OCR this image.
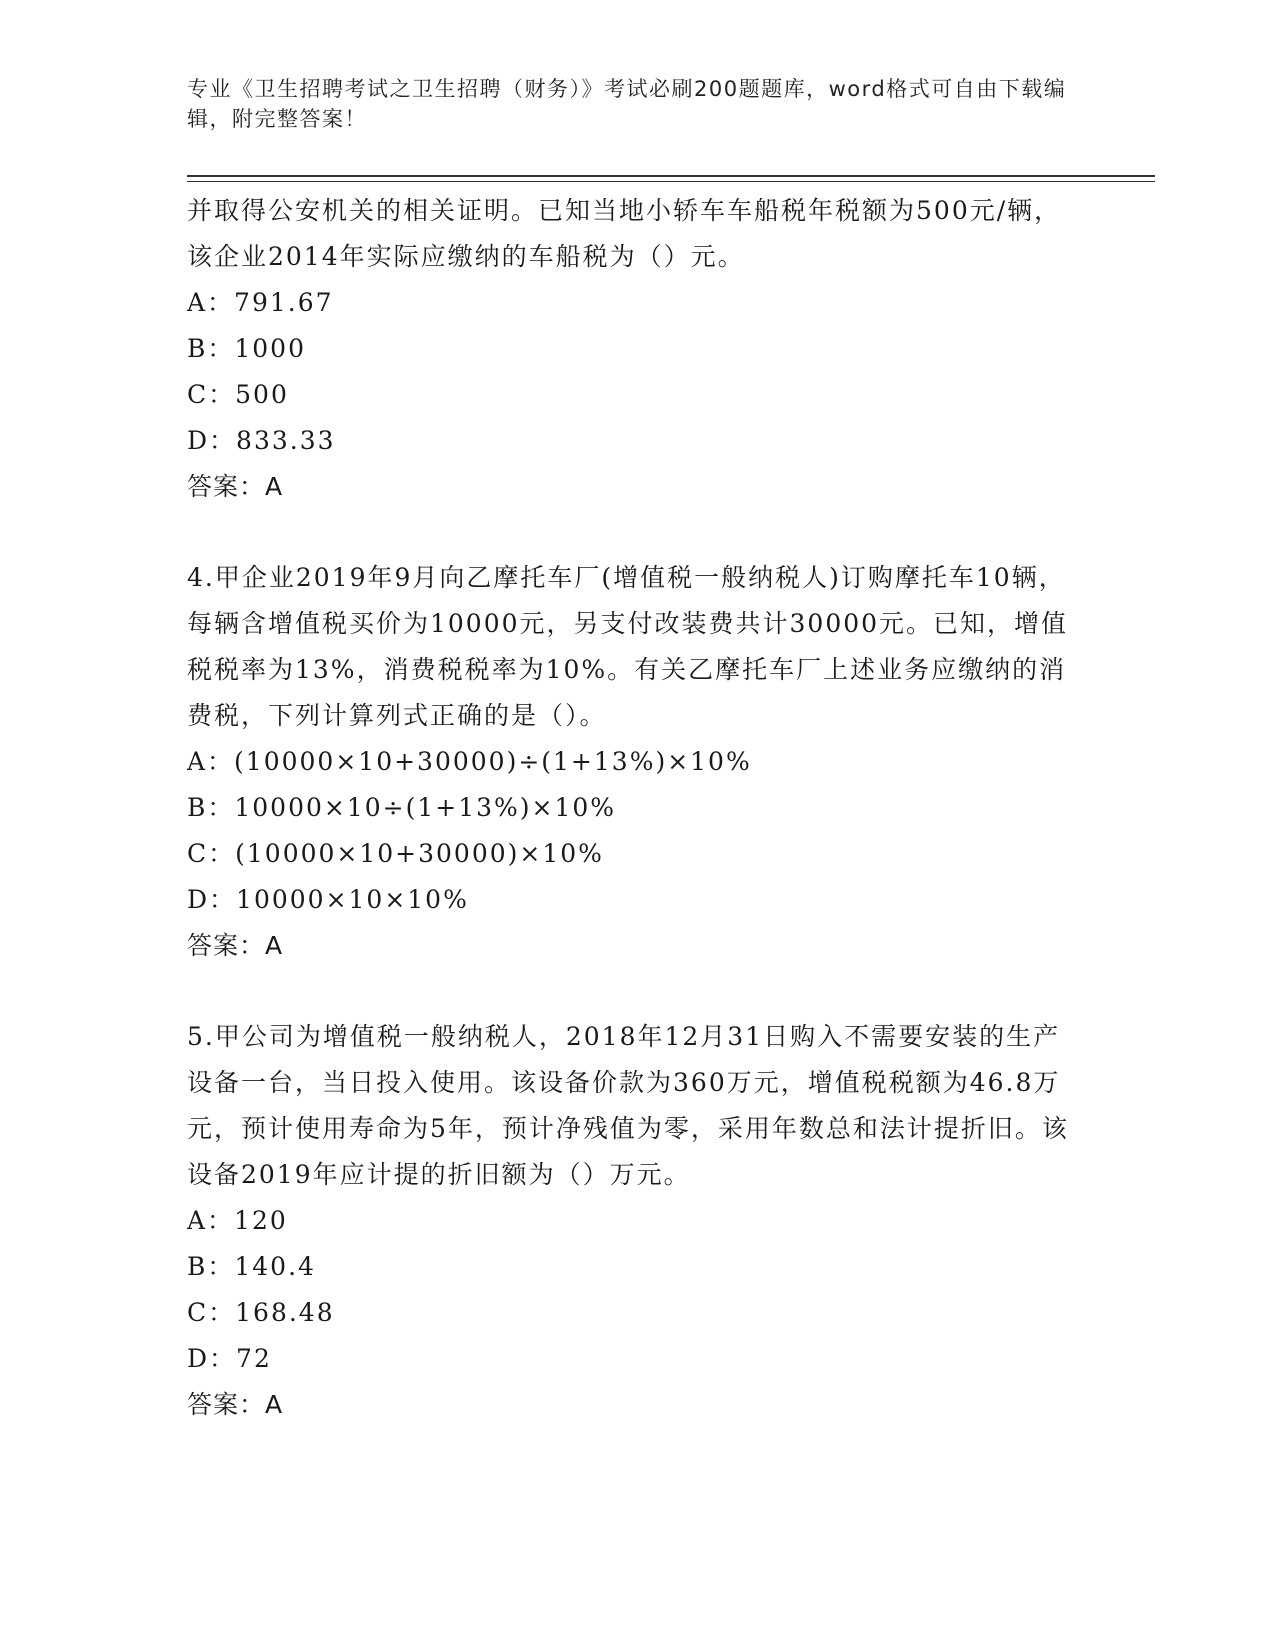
专业《卫生招聘考试之卫生招聘（财务）》考试必刷200题题库，word格式可自由下载编辑，附完整答案！

并取得公安机关的相关证明。已知当地小轿车车船税年税额为500元/辆，该企业2014年实际应缴纳的车船税为（）元。

A：791.67

B：1000

C：500

D：833.33

答案：A

4.甲企业2019年9月向乙摩托车厂(增值税一般纳税人)订购摩托车10辆，每辆含增值税买价为10000元，另支付改装费共计30000元。已知，增值税税率为13%，消费税税率为10%。有关乙摩托车厂上述业务应缴纳的消费税，下列计算列式正确的是（）。

A：(10000×10+30000)÷(1+13%)×10%

B：10000×10÷(1+13%)×10%

C：(10000×10+30000)×10%

D：10000×10×10%

答案：A

5.甲公司为增值税一般纳税人，2018年12月31日购入不需要安装的生产设备一台，当日投入使用。该设备价款为360万元，增值税税额为46.8万元，预计使用寿命为5年，预计净残值为零，采用年数总和法计提折旧。该设备2019年应计提的折旧额为（）万元。

A：120

B：140.4

C：168.48

D：72

答案：A
